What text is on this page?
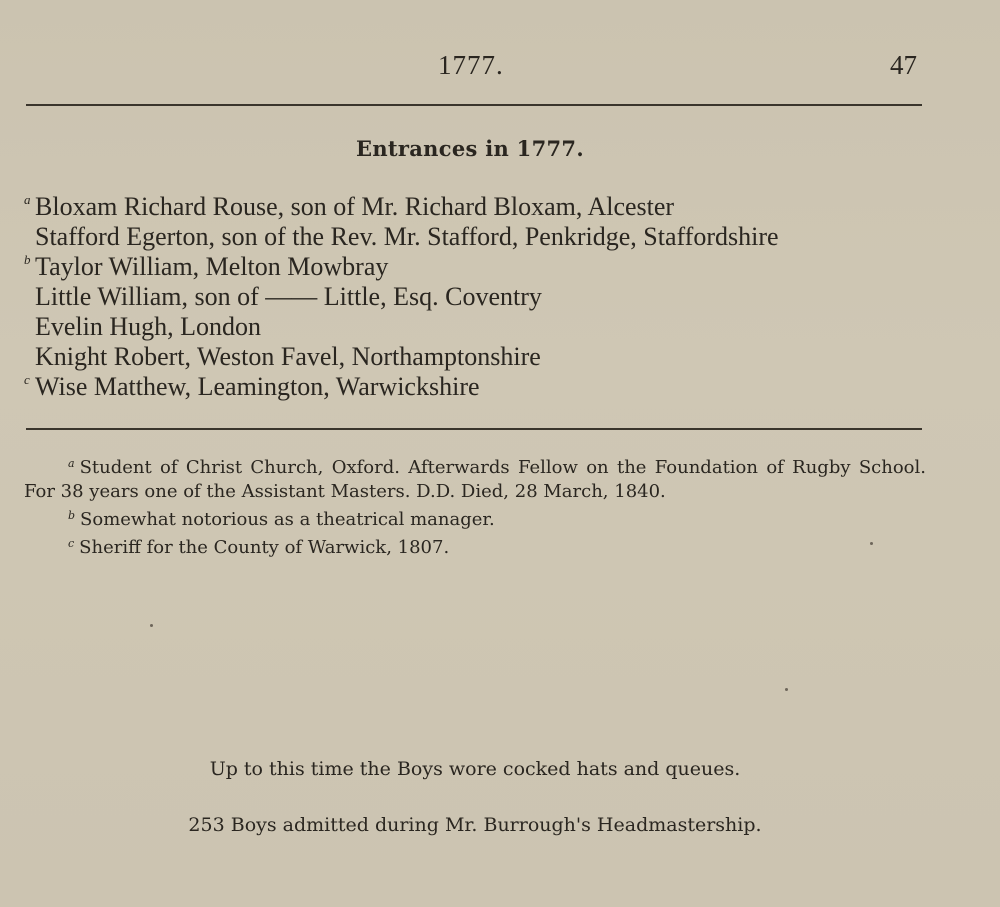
1777.	47
Entrances in 1777.
a Bloxam Richard Rouse, son of Mr. Richard Bloxam, Alcester
Stafford Egerton, son of the Rev. Mr. Stafford, Penkridge, Staffordshire
b Taylor William, Melton Mowbray
Little William, son of —— Little, Esq. Coventry
Evelin Hugh, London
Knight Robert, Weston Favel, Northamptonshire
c Wise Matthew, Leamington, Warwickshire

$^a$ Student of Christ Church, Oxford. Afterwards Fellow on the Foundation of Rugby School. For 38 years one of the Assistant Masters. D.D. Died, 28 March, 1840.

$^b$ Somewhat notorious as a theatrical manager.

$^c$ Sheriff for the County of Warwick, 1807.

Up to this time the Boys wore cocked hats and queues.
253 Boys admitted during Mr. Burrough's Headmastership.
